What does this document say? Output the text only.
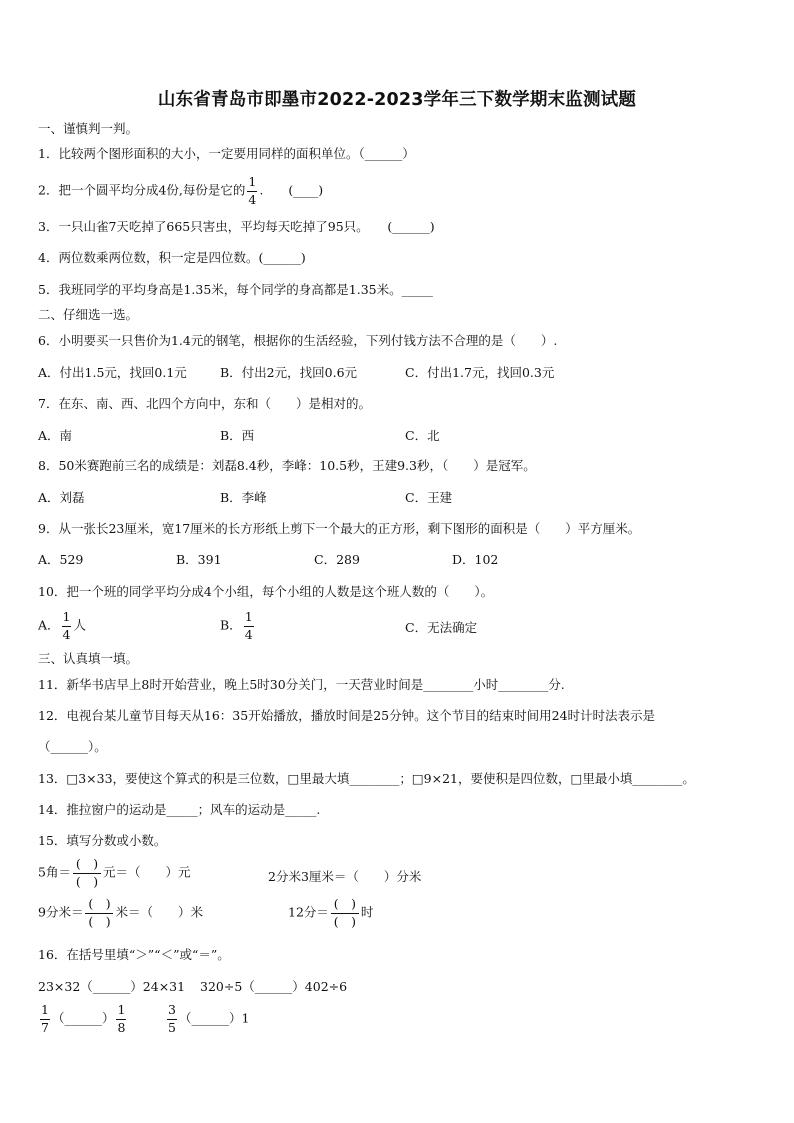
山东省青岛市即墨市2022-2023学年三下数学期末监测试题
一、谨慎判一判。
1．比较两个图形面积的大小，一定要用同样的面积单位。（______）
2．把一个圆平均分成4份,每份是它的 $\frac{1}{4}$ .　　(____)
3．一只山雀7天吃掉了665只害虫，平均每天吃掉了95只。　　(______)
4．两位数乘两位数，积一定是四位数。(______)
5．我班同学的平均身高是1.35米，每个同学的身高都是1.35米。_____
二、仔细选一选。
6．小明要买一只售价为1.4元的钢笔，根据你的生活经验，下列付钱方法不合理的是（　　）.
A．付出1.5元，找回0.1元	B．付出2元，找回0.6元	C．付出1.7元，找回0.3元
7．在东、南、西、北四个方向中，东和（　　）是相对的。
A．南	B．西	C．北
8．50米赛跑前三名的成绩是：刘磊8.4秒，李峰：10.5秒，王建9.3秒，（　　）是冠军。
A．刘磊	B．李峰	C．王建
9．从一张长23厘米，宽17厘米的长方形纸上剪下一个最大的正方形，剩下图形的面积是（　　）平方厘米。
A．529	B．391	C．289	D．102
10．把一个班的同学平均分成4个小组，每个小组的人数是这个班人数的（　　）。
A． $\frac{1}{4}$ 人	B． $\frac{1}{4}$	C．无法确定
三、认真填一填。
11．新华书店早上8时开始营业，晚上5时30分关门，一天营业时间是________小时________分.
12．电视台某儿童节目每天从16：35开始播放，播放时间是25分钟。这个节目的结束时间用24时计时法表示是
（______）。
13．□3×33，要使这个算式的积是三位数，□里最大填________；□9×21，要使积是四位数，□里最小填________。
14．推拉窗户的运动是_____；风车的运动是_____.
15．填写分数或小数。
5角＝ $\frac{( )}{( )}$ 元＝（　　）元	2分米3厘米＝（　　）分米
9分米＝ $\frac{( )}{( )}$ 米＝（　　）米	12分＝ $\frac{( )}{( )}$ 时
16．在括号里填“＞”“＜”或“＝”。
23×32（______）24×31 320÷5（______）402÷6
$\frac{1}{7}$ （______） $\frac{1}{8}$	$\frac{3}{5}$ （______）1
